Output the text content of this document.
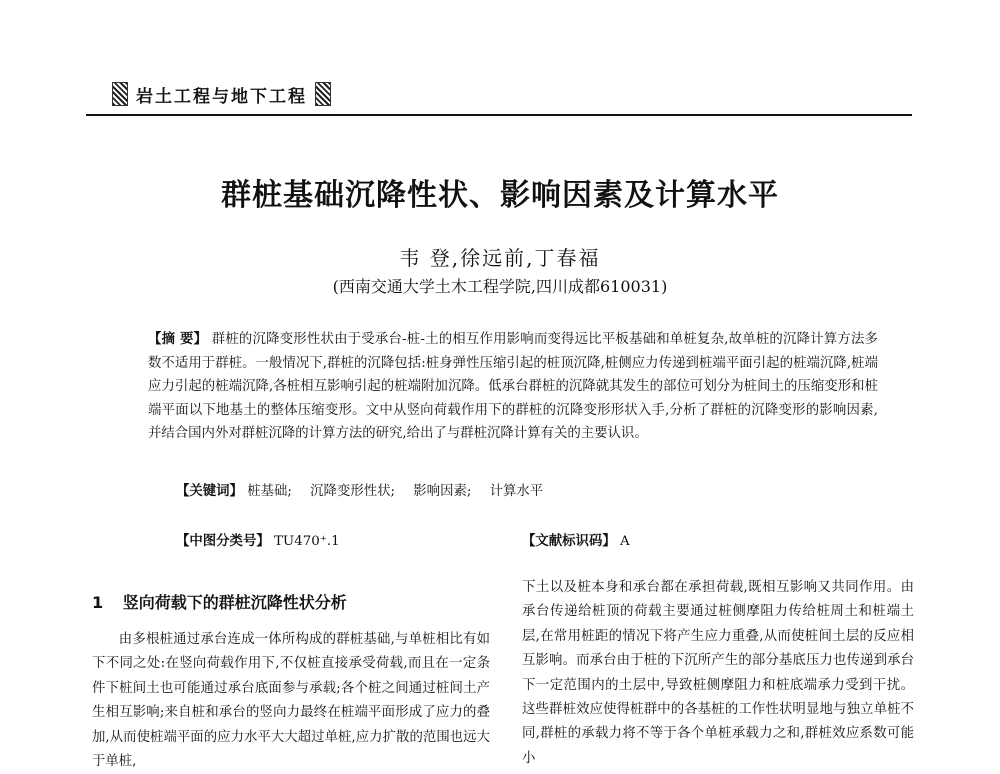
岩土工程与地下工程
群桩基础沉降性状、影响因素及计算水平
韦 登,徐远前,丁春福
(西南交通大学土木工程学院,四川成都610031)
【摘 要】 群桩的沉降变形性状由于受承台-桩-土的相互作用影响而变得远比平板基础和单桩复杂,故单桩的沉降计算方法多数不适用于群桩。一般情况下,群桩的沉降包括:桩身弹性压缩引起的桩顶沉降,桩侧应力传递到桩端平面引起的桩端沉降,桩端应力引起的桩端沉降,各桩相互影响引起的桩端附加沉降。低承台群桩的沉降就其发生的部位可划分为桩间土的压缩变形和桩端平面以下地基土的整体压缩变形。文中从竖向荷载作用下的群桩的沉降变形形状入手,分析了群桩的沉降变形的影响因素,并结合国内外对群桩沉降的计算方法的研究,给出了与群桩沉降计算有关的主要认识。
【关键词】 桩基础; 沉降变形性状; 影响因素; 计算水平
【中图分类号】 TU470⁺.1	【文献标识码】 A
1 竖向荷载下的群桩沉降性状分析
由多根桩通过承台连成一体所构成的群桩基础,与单桩相比有如下不同之处:在竖向荷载作用下,不仅桩直接承受荷载,而且在一定条件下桩间土也可能通过承台底面参与承载;各个桩之间通过桩间土产生相互影响;来自桩和承台的竖向力最终在桩端平面形成了应力的叠加,从而使桩端平面的应力水平大大超过单桩,应力扩散的范围也远大于单桩,
下土以及桩本身和承台都在承担荷载,既相互影响又共同作用。由承台传递给桩顶的荷载主要通过桩侧摩阻力传给桩周土和桩端土层,在常用桩距的情况下将产生应力重叠,从而使桩间土层的反应相互影响。而承台由于桩的下沉所产生的部分基底压力也传递到承台下一定范围内的土层中,导致桩侧摩阻力和桩底端承力受到干扰。这些群桩效应使得桩群中的各基桩的工作性状明显地与独立单桩不同,群桩的承载力将不等于各个单桩承载力之和,群桩效应系数可能小
